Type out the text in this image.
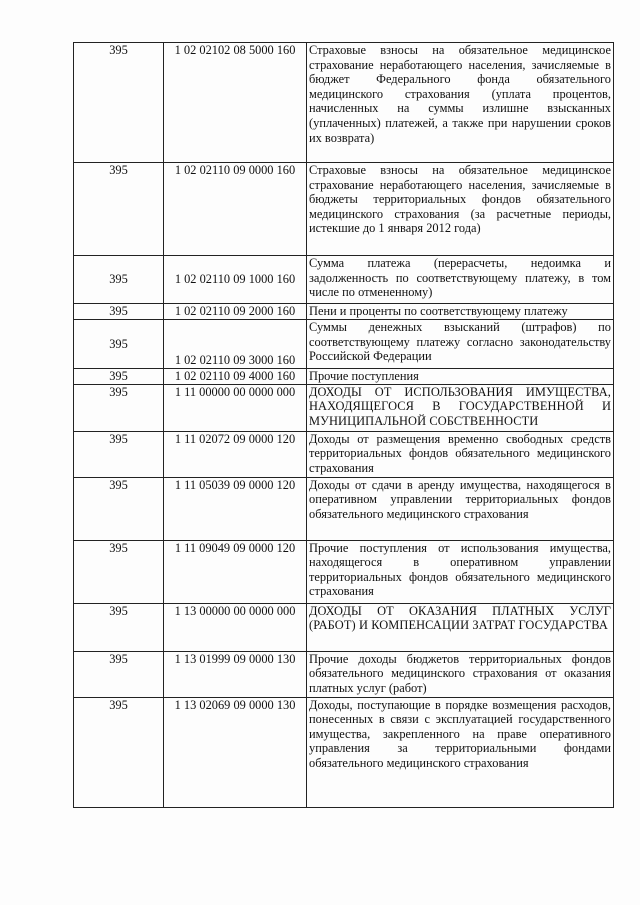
395	1 02 02102 08 5000 160	Страховые взносы на обязательное медицинское страхование неработающего населения, зачисляемые в бюджет Федерального фонда обязательного медицинского страхования (уплата процентов, начисленных на суммы излишне взысканных (уплаченных) платежей, а также при нарушении сроков их возврата)
395	1 02 02110 09 0000 160	Страховые взносы на обязательное медицинское страхование неработающего населения, зачисляемые в бюджеты территориальных фондов обязательного медицинского страхования (за расчетные периоды, истекшие до 1 января 2012 года)
395	1 02 02110 09 1000 160	Сумма платежа (перерасчеты, недоимка и задолженность по соответствующему платежу, в том числе по отмененному)
395	1 02 02110 09 2000 160	Пени и проценты по соответствующему платежу
395	1 02 02110 09 3000 160	Суммы денежных взысканий (штрафов) по соответствующему платежу согласно законодательству Российской Федерации
395	1 02 02110 09 4000 160	Прочие поступления
395	1 11 00000 00 0000 000	ДОХОДЫ ОТ ИСПОЛЬЗОВАНИЯ ИМУЩЕСТВА, НАХОДЯЩЕГОСЯ В ГОСУДАРСТВЕННОЙ И МУНИЦИПАЛЬНОЙ СОБСТВЕННОСТИ
395	1 11 02072 09 0000 120	Доходы от размещения временно свободных средств территориальных фондов обязательного медицинского страхования
395	1 11 05039 09 0000 120	Доходы от сдачи в аренду имущества, находящегося в оперативном управлении территориальных фондов обязательного медицинского страхования
395	1 11 09049 09 0000 120	Прочие поступления от использования имущества, находящегося в оперативном управлении территориальных фондов обязательного медицинского страхования
395	1 13 00000 00 0000 000	ДОХОДЫ ОТ ОКАЗАНИЯ ПЛАТНЫХ УСЛУГ (РАБОТ) И КОМПЕНСАЦИИ ЗАТРАТ ГОСУДАРСТВА
395	1 13 01999 09 0000 130	Прочие доходы бюджетов территориальных фондов обязательного медицинского страхования от оказания платных услуг (работ)
395	1 13 02069 09 0000 130	Доходы, поступающие в порядке возмещения расходов, понесенных в связи с эксплуатацией государственного имущества, закрепленного на праве оперативного управления за территориальными фондами обязательного медицинского страхования
